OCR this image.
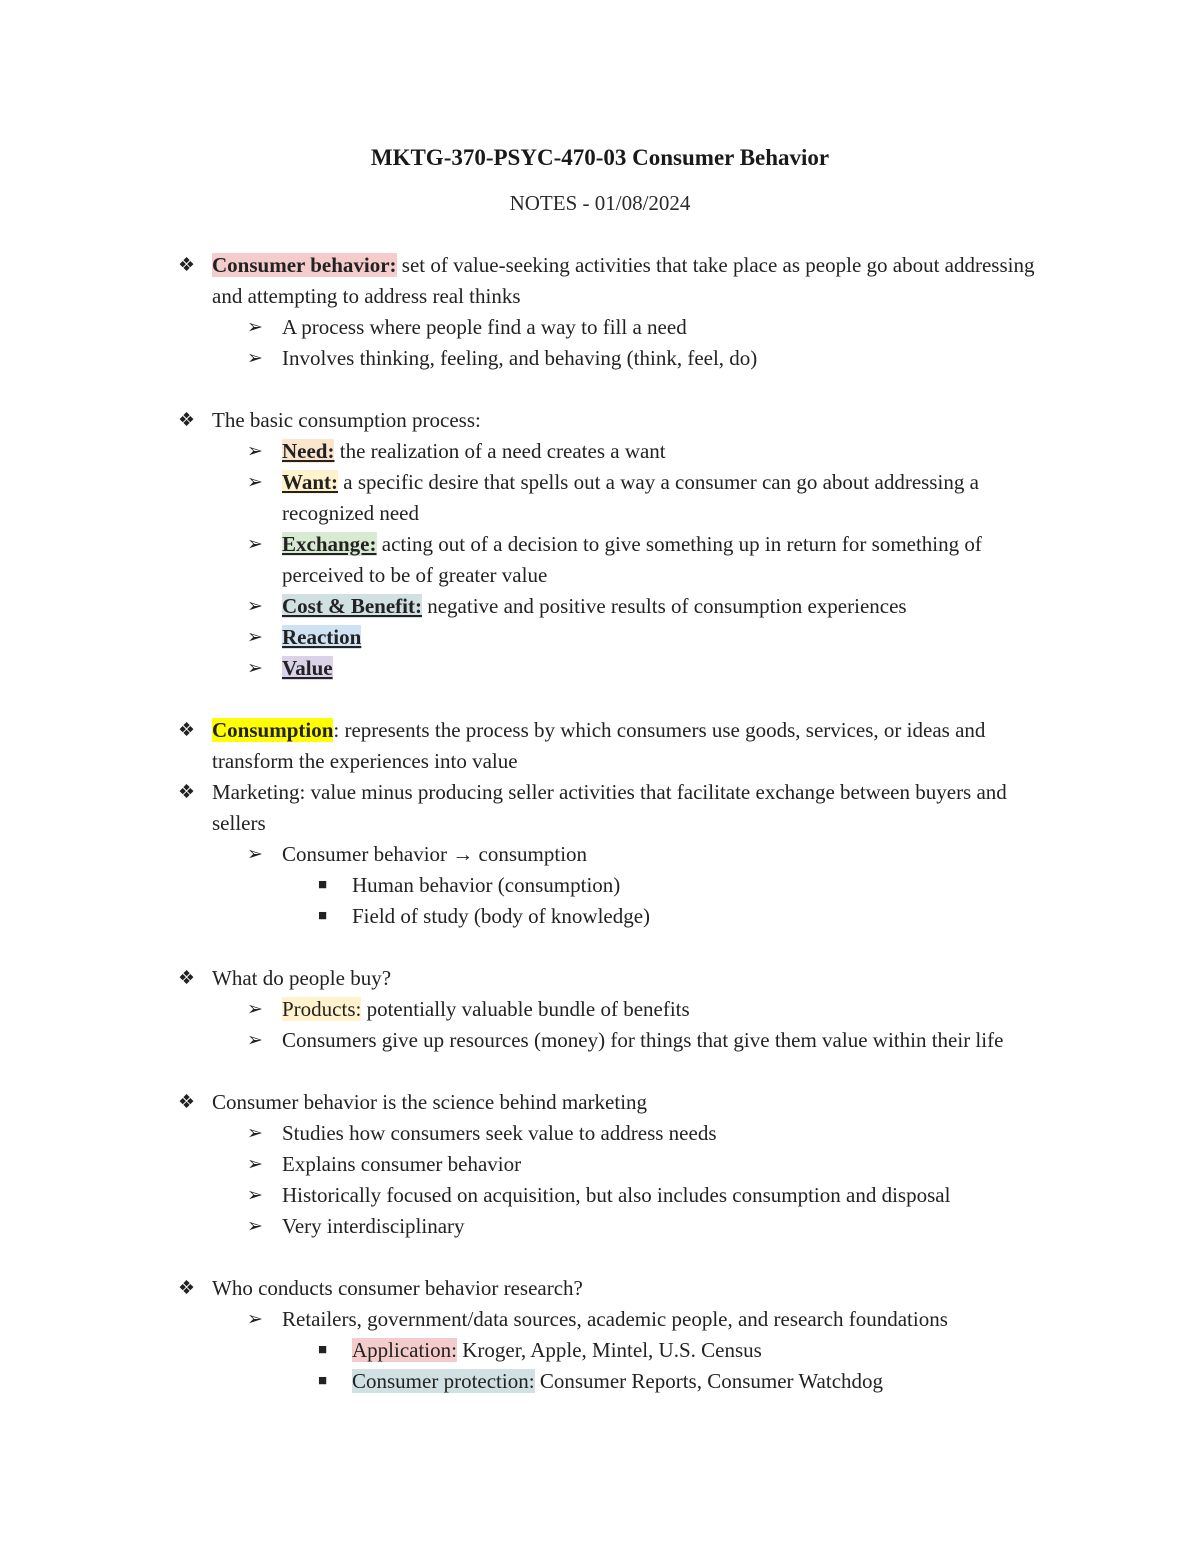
MKTG-370-PSYC-470-03 Consumer Behavior
NOTES - 01/08/2024
❖ Consumer behavior: set of value-seeking activities that take place as people go about addressing and attempting to address real thinks
➢ A process where people find a way to fill a need
➢ Involves thinking, feeling, and behaving (think, feel, do)
❖ The basic consumption process:
➢ Need: the realization of a need creates a want
➢ Want: a specific desire that spells out a way a consumer can go about addressing a recognized need
➢ Exchange: acting out of a decision to give something up in return for something of perceived to be of greater value
➢ Cost & Benefit: negative and positive results of consumption experiences
➢ Reaction
➢ Value
❖ Consumption: represents the process by which consumers use goods, services, or ideas and transform the experiences into value
❖ Marketing: value minus producing seller activities that facilitate exchange between buyers and sellers
➢ Consumer behavior → consumption
■ Human behavior (consumption)
■ Field of study (body of knowledge)
❖ What do people buy?
➢ Products: potentially valuable bundle of benefits
➢ Consumers give up resources (money) for things that give them value within their life
❖ Consumer behavior is the science behind marketing
➢ Studies how consumers seek value to address needs
➢ Explains consumer behavior
➢ Historically focused on acquisition, but also includes consumption and disposal
➢ Very interdisciplinary
❖ Who conducts consumer behavior research?
➢ Retailers, government/data sources, academic people, and research foundations
■ Application: Kroger, Apple, Mintel, U.S. Census
■ Consumer protection: Consumer Reports, Consumer Watchdog
